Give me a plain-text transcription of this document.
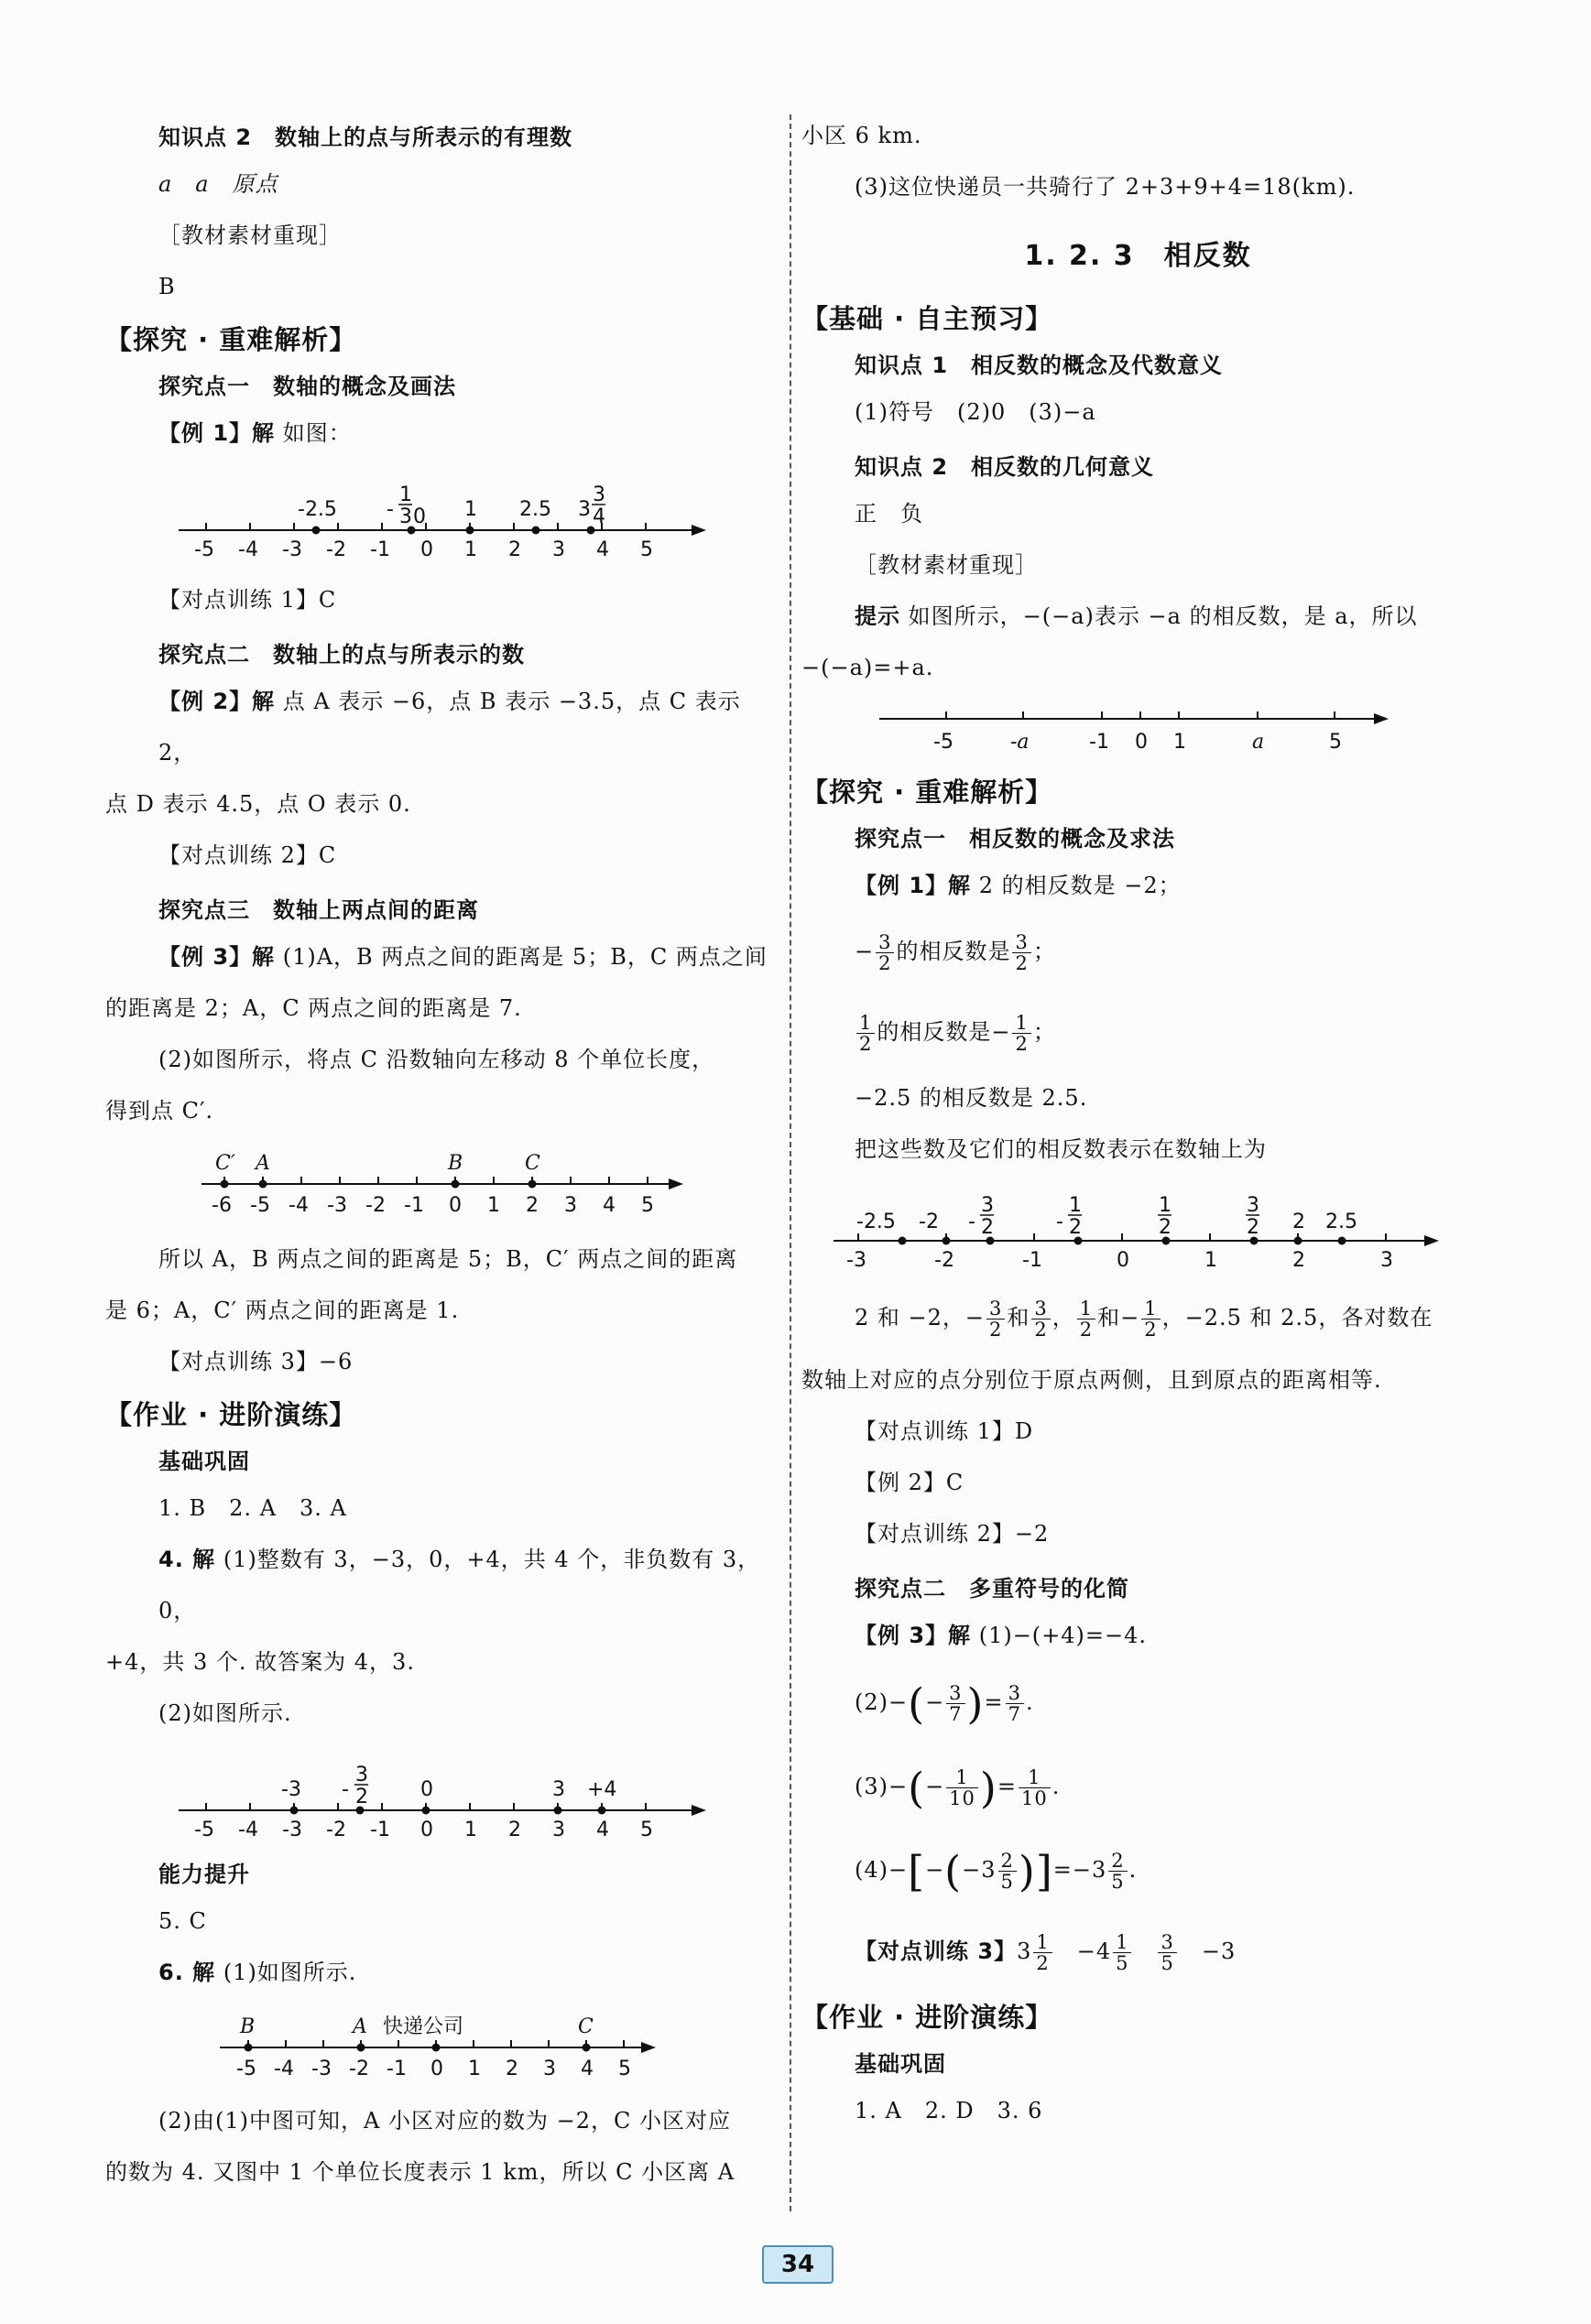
知识点 2　数轴上的点与所表示的有理数
a　a　原点
［教材素材重现］
B
【探究 · 重难解析】
探究点一　数轴的概念及画法
【例 1】解 如图：
-5 -4 -3 -2 -1 0 1 2 3 4 5
-2.5 -
1
3 0 1 2.5 3
3
4
【对点训练 1】C
探究点二　数轴上的点与所表示的数
【例 2】解 点 A 表示 −6，点 B 表示 −3.5，点 C 表示 2，
点 D 表示 4.5，点 O 表示 0.
【对点训练 2】C
探究点三　数轴上两点间的距离
【例 3】解 (1)A，B 两点之间的距离是 5；B，C 两点之间
的距离是 2；A，C 两点之间的距离是 7.
(2)如图所示，将点 C 沿数轴向左移动 8 个单位长度，
得到点 C′.
-6 -5 -4 -3 -2 -1 0 1 2 3 4 5
C′ A	B	C
所以 A，B 两点之间的距离是 5；B，C′ 两点之间的距离
是 6；A，C′ 两点之间的距离是 1.
【对点训练 3】−6
【作业 · 进阶演练】
基础巩固
1. B　2. A　3. A
4. 解 (1)整数有 3，−3，0，+4，共 4 个，非负数有 3，0，
+4，共 3 个. 故答案为 4，3.
(2)如图所示.
-5 -4 -3 -2 -1 0 1 2 3 4 5
-3 -
3
2	0	3 +4
能力提升
5. C
6. 解 (1)如图所示.
-5 -4 -3 -2 -1 0 1 2 3 4 5
B	A 快递公司	C
(2)由(1)中图可知，A 小区对应的数为 −2，C 小区对应
的数为 4. 又图中 1 个单位长度表示 1 km，所以 C 小区离 A
小区 6 km.
(3)这位快递员一共骑行了 2+3+9+4=18(km).
1. 2. 3　相反数
【基础 · 自主预习】
知识点 1　相反数的概念及代数意义
(1)符号　(2)0　(3)−a
知识点 2　相反数的几何意义
正　负
［教材素材重现］
提示 如图所示，−(−a)表示 −a 的相反数，是 a，所以
−(−a)=+a.
-5	-a	-1 0 1	a	5
【探究 · 重难解析】
探究点一　相反数的概念及求法
【例 1】解 2 的相反数是 −2；
− $\frac{3}{2}$ 的相反数是 $\frac{3}{2}$ ；
$\frac{1}{2}$ 的相反数是− $\frac{1}{2}$ ；
−2.5 的相反数是 2.5.
把这些数及它们的相反数表示在数轴上为
-3	-2	-1	0	1	2	3
-2.5 -2 -
3
2	-
1
2
1
2
3
2 2 2.5
2 和 −2，− $\frac{3}{2}$ 和 $\frac{3}{2}$ ， $\frac{1}{2}$ 和− $\frac{1}{2}$ ，−2.5 和 2.5，各对数在
数轴上对应的点分别位于原点两侧，且到原点的距离相等.
【对点训练 1】D
【例 2】C
【对点训练 2】−2
探究点二　多重符号的化简
【例 3】解 (1)−(+4)=−4.
$(2)-(- \frac{3}{7}$ )= $\frac{3}{7}$ .
$(3)-(- \frac{1}{10}$ )= $\frac{1}{10}$ .
$(4)-[-(-3 \frac{2}{5} )]=-3 \frac{2}{5}$ .
【对点训练 3】$3 \frac{1}{2}$
　 $-4 \frac{1}{5}$
　 $\frac{3}{5}$
　 −3
【作业 · 进阶演练】
基础巩固
1. A　2. D　3. 6
34
